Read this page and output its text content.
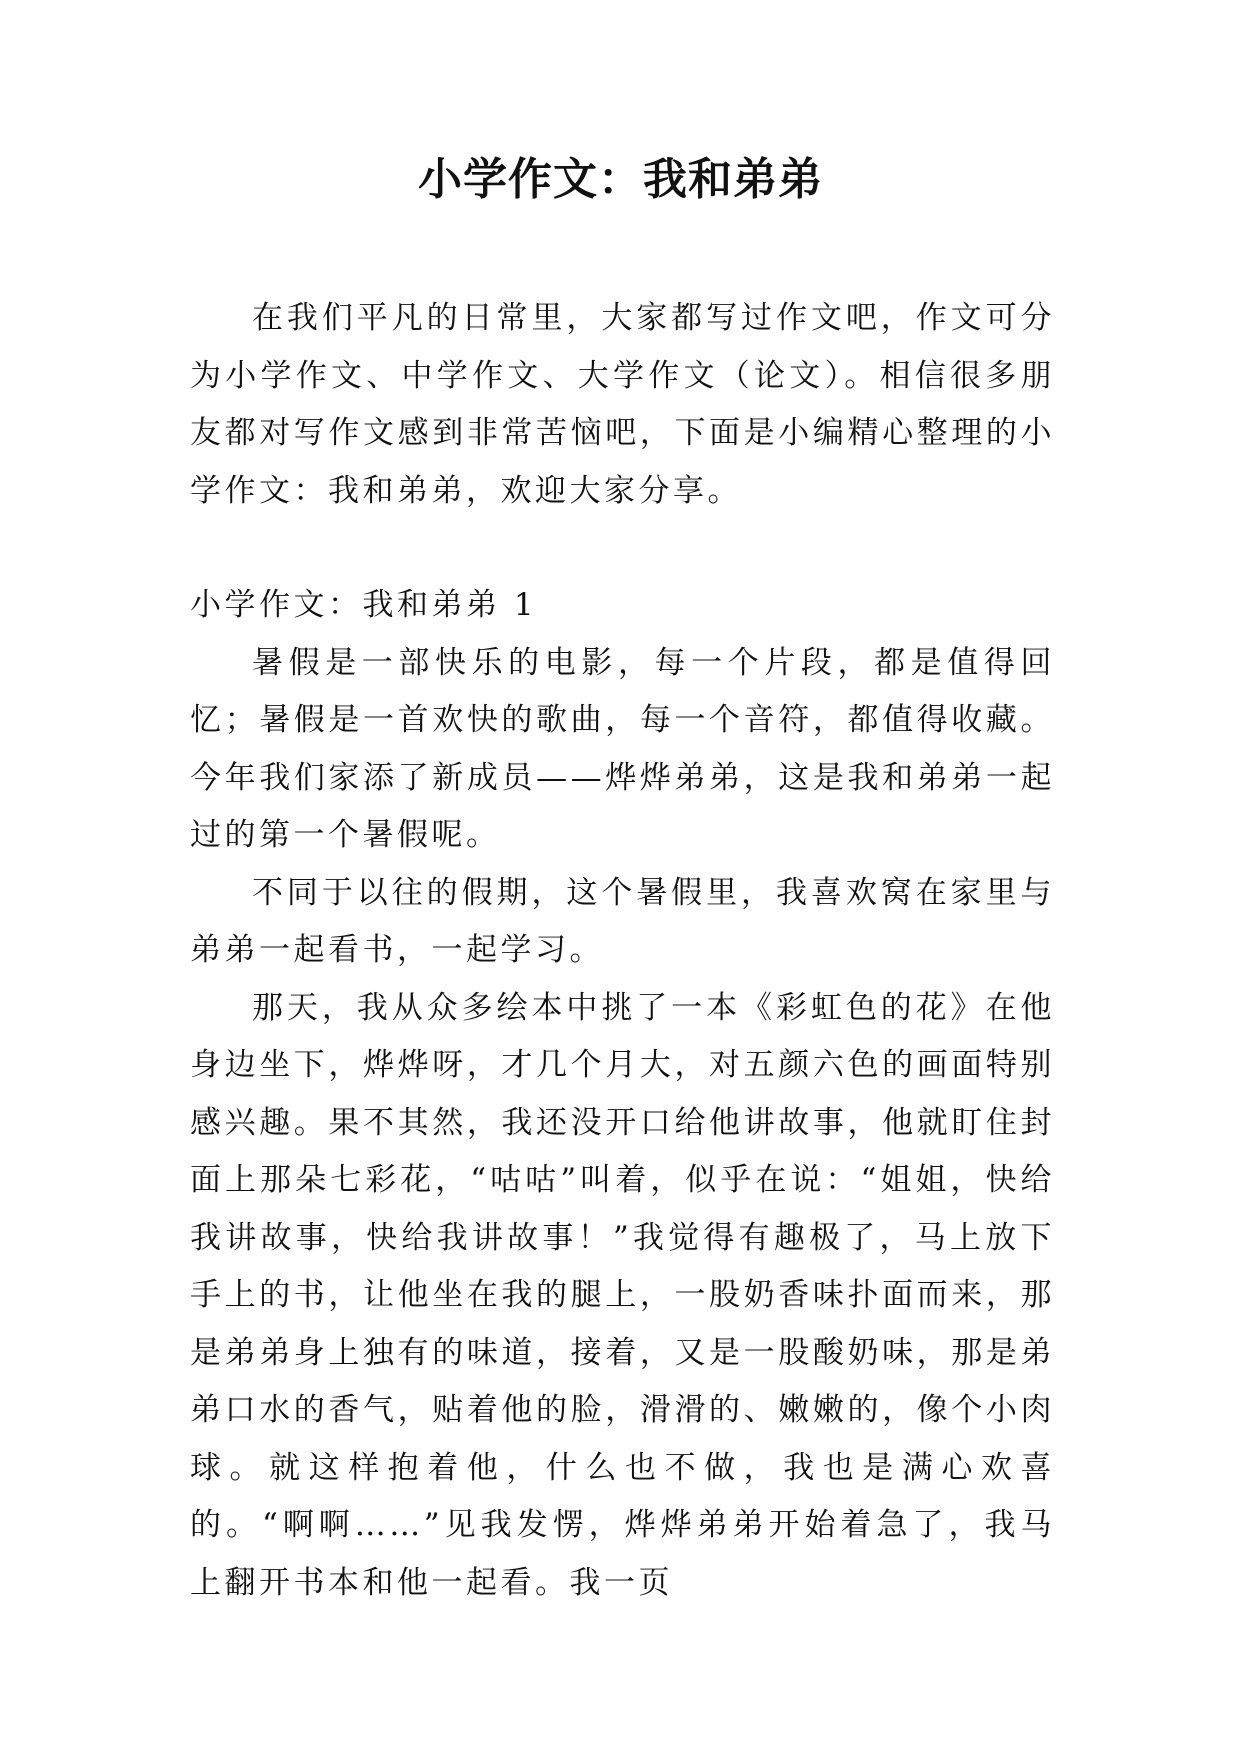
小学作文：我和弟弟

在我们平凡的日常里，大家都写过作文吧，作文可分为小学作文、中学作文、大学作文（论文）。相信很多朋友都对写作文感到非常苦恼吧，下面是小编精心整理的小学作文：我和弟弟，欢迎大家分享。

小学作文：我和弟弟 1

暑假是一部快乐的电影，每一个片段，都是值得回忆；暑假是一首欢快的歌曲，每一个音符，都值得收藏。今年我们家添了新成员——烨烨弟弟，这是我和弟弟一起过的第一个暑假呢。

不同于以往的假期，这个暑假里，我喜欢窝在家里与弟弟一起看书，一起学习。

那天，我从众多绘本中挑了一本《彩虹色的花》在他身边坐下，烨烨呀，才几个月大，对五颜六色的画面特别感兴趣。果不其然，我还没开口给他讲故事，他就盯住封面上那朵七彩花，“咕咕”叫着，似乎在说：“姐姐，快给我讲故事，快给我讲故事！”我觉得有趣极了，马上放下手上的书，让他坐在我的腿上，一股奶香味扑面而来，那是弟弟身上独有的味道，接着，又是一股酸奶味，那是弟弟口水的香气，贴着他的脸，滑滑的、嫩嫩的，像个小肉球。就这样抱着他，什么也不做，我也是满心欢喜的。“啊啊……”见我发愣，烨烨弟弟开始着急了，我马上翻开书本和他一起看。我一页
